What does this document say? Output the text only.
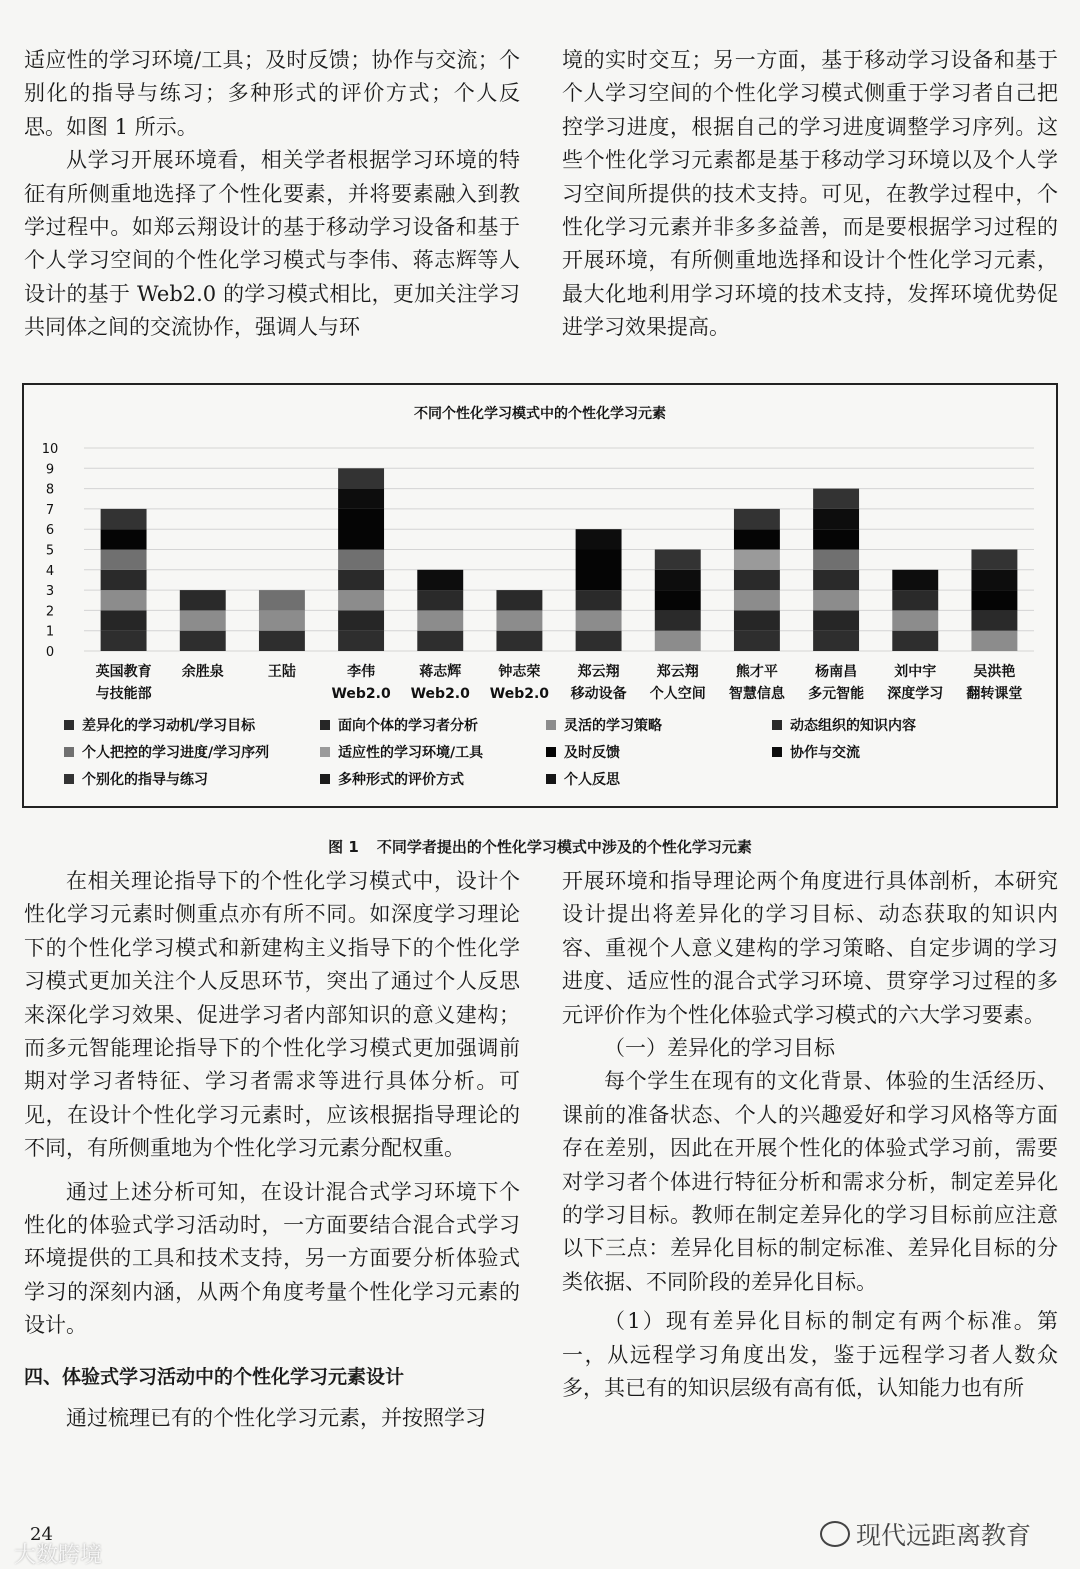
适应性的学习环境/工具；及时反馈；协作与交流；个别化的指导与练习；多种形式的评价方式；个人反思。如图 1 所示。

从学习开展环境看，相关学者根据学习环境的特征有所侧重地选择了个性化要素，并将要素融入到教学过程中。如郑云翔设计的基于移动学习设备和基于个人学习空间的个性化学习模式与李伟、蒋志辉等人设计的基于 Web2.0 的学习模式相比，更加关注学习共同体之间的交流协作，强调人与环

境的实时交互；另一方面，基于移动学习设备和基于个人学习空间的个性化学习模式侧重于学习者自己把控学习进度，根据自己的学习进度调整学习序列。这些个性化学习元素都是基于移动学习环境以及个人学习空间所提供的技术支持。可见，在教学过程中，个性化学习元素并非多多益善，而是要根据学习过程的开展环境，有所侧重地选择和设计个性化学习元素，最大化地利用学习环境的技术支持，发挥环境优势促进学习效果提高。

不同个性化学习模式中的个性化学习元素
0
1
2
3
4
5
6
7
8
9
10
英国教育
与技能部
余胜泉	王陆	李伟
Web2.0
蒋志辉
Web2.0
钟志荣
Web2.0
郑云翔
移动设备
郑云翔
个人空间
熊才平
智慧信息
杨南昌
多元智能
刘中宇
深度学习
吴洪艳
翻转课堂
差异化的学习动机/学习目标	面向个体的学习者分析	灵活的学习策略	动态组织的知识内容
个人把控的学习进度/学习序列	适应性的学习环境/工具	及时反馈	协作与交流
个别化的指导与练习	多种形式的评价方式	个人反思
图 1 不同学者提出的个性化学习模式中涉及的个性化学习元素

在相关理论指导下的个性化学习模式中，设计个性化学习元素时侧重点亦有所不同。如深度学习理论下的个性化学习模式和新建构主义指导下的个性化学习模式更加关注个人反思环节，突出了通过个人反思来深化学习效果、促进学习者内部知识的意义建构；而多元智能理论指导下的个性化学习模式更加强调前期对学习者特征、学习者需求等进行具体分析。可见，在设计个性化学习元素时，应该根据指导理论的不同，有所侧重地为个性化学习元素分配权重。

通过上述分析可知，在设计混合式学习环境下个性化的体验式学习活动时，一方面要结合混合式学习环境提供的工具和技术支持，另一方面要分析体验式学习的深刻内涵，从两个角度考量个性化学习元素的设计。

四、体验式学习活动中的个性化学习元素设计

通过梳理已有的个性化学习元素，并按照学习

开展环境和指导理论两个角度进行具体剖析，本研究设计提出将差异化的学习目标、动态获取的知识内容、重视个人意义建构的学习策略、自定步调的学习进度、适应性的混合式学习环境、贯穿学习过程的多元评价作为个性化体验式学习模式的六大学习要素。

（一）差异化的学习目标

每个学生在现有的文化背景、体验的生活经历、课前的准备状态、个人的兴趣爱好和学习风格等方面存在差别，因此在开展个性化的体验式学习前，需要对学习者个体进行特征分析和需求分析，制定差异化的学习目标。教师在制定差异化的学习目标前应注意以下三点：差异化目标的制定标准、差异化目标的分类依据、不同阶段的差异化目标。

（1）现有差异化目标的制定有两个标准。第一，从远程学习角度出发，鉴于远程学习者人数众多，其已有的知识层级有高有低，认知能力也有所

24
大数跨境
现代远距离教育
